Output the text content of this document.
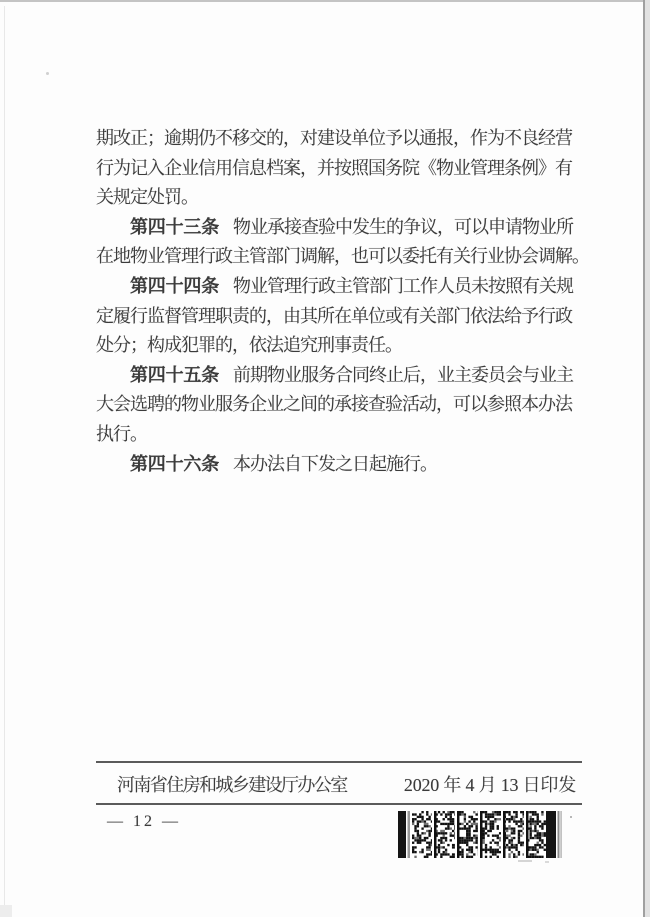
期改正；逾期仍不移交的，对建设单位予以通报，作为不良经营
行为记入企业信用信息档案，并按照国务院《物业管理条例》有
关规定处罚。
第四十三条 物业承接查验中发生的争议，可以申请物业所
在地物业管理行政主管部门调解，也可以委托有关行业协会调解。
第四十四条 物业管理行政主管部门工作人员未按照有关规
定履行监督管理职责的，由其所在单位或有关部门依法给予行政
处分；构成犯罪的，依法追究刑事责任。
第四十五条 前期物业服务合同终止后，业主委员会与业主
大会选聘的物业服务企业之间的承接查验活动，可以参照本办法
执行。
第四十六条 本办法自下发之日起施行。
河南省住房和城乡建设厅办公室	2020 年 4 月 13 日印发
— 12 —
